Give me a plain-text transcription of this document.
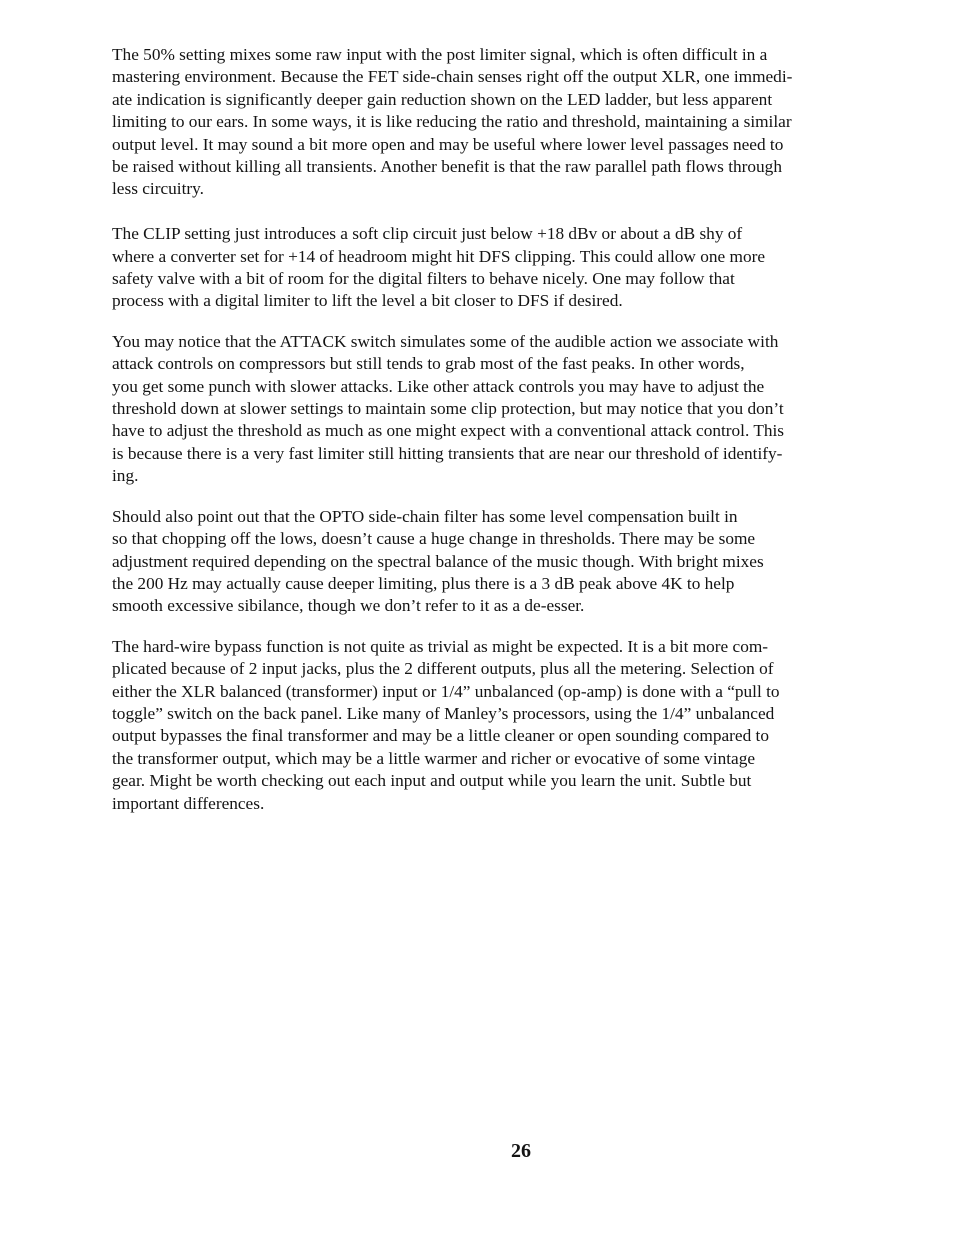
The 50% setting mixes some raw input with the post limiter signal, which is often difficult in a
mastering environment. Because the FET side-chain senses right off the output XLR, one immedi-
ate indication is significantly deeper gain reduction shown on the LED ladder, but less apparent
limiting to our ears. In some ways, it is like reducing the ratio and threshold, maintaining a similar
output level. It may sound a bit more open and may be useful where lower level passages need to
be raised without killing all transients. Another benefit is that the raw parallel path flows through
less circuitry.

The CLIP setting just introduces a soft clip circuit just below +18 dBv or about a dB shy of
where a converter set for +14 of headroom might hit DFS clipping. This could allow one more
safety valve with a bit of room for the digital filters to behave nicely. One may follow that
process with a digital limiter to lift the level a bit closer to DFS if desired.

You may notice that the ATTACK switch simulates some of the audible action we associate with
attack controls on compressors but still tends to grab most of the fast peaks. In other words,
you get some punch with slower attacks. Like other attack controls you may have to adjust the
threshold down at slower settings to maintain some clip protection, but may notice that you don’t
have to adjust the threshold as much as one might expect with a conventional attack control. This
is because there is a very fast limiter still hitting transients that are near our threshold of identify-
ing.

Should also point out that the OPTO side-chain filter has some level compensation built in
so that chopping off the lows, doesn’t cause a huge change in thresholds. There may be some
adjustment required depending on the spectral balance of the music though. With bright mixes
the 200 Hz may actually cause deeper limiting, plus there is a 3 dB peak above 4K to help
smooth excessive sibilance, though we don’t refer to it as a de-esser.

The hard-wire bypass function is not quite as trivial as might be expected. It is a bit more com-
plicated because of 2 input jacks, plus the 2 different outputs, plus all the metering. Selection of
either the XLR balanced (transformer) input or 1/4” unbalanced (op-amp) is done with a “pull to
toggle” switch on the back panel. Like many of Manley’s processors, using the 1/4” unbalanced
output bypasses the final transformer and may be a little cleaner or open sounding compared to
the transformer output, which may be a little warmer and richer or evocative of some vintage
gear. Might be worth checking out each input and output while you learn the unit. Subtle but
important differences.

26
